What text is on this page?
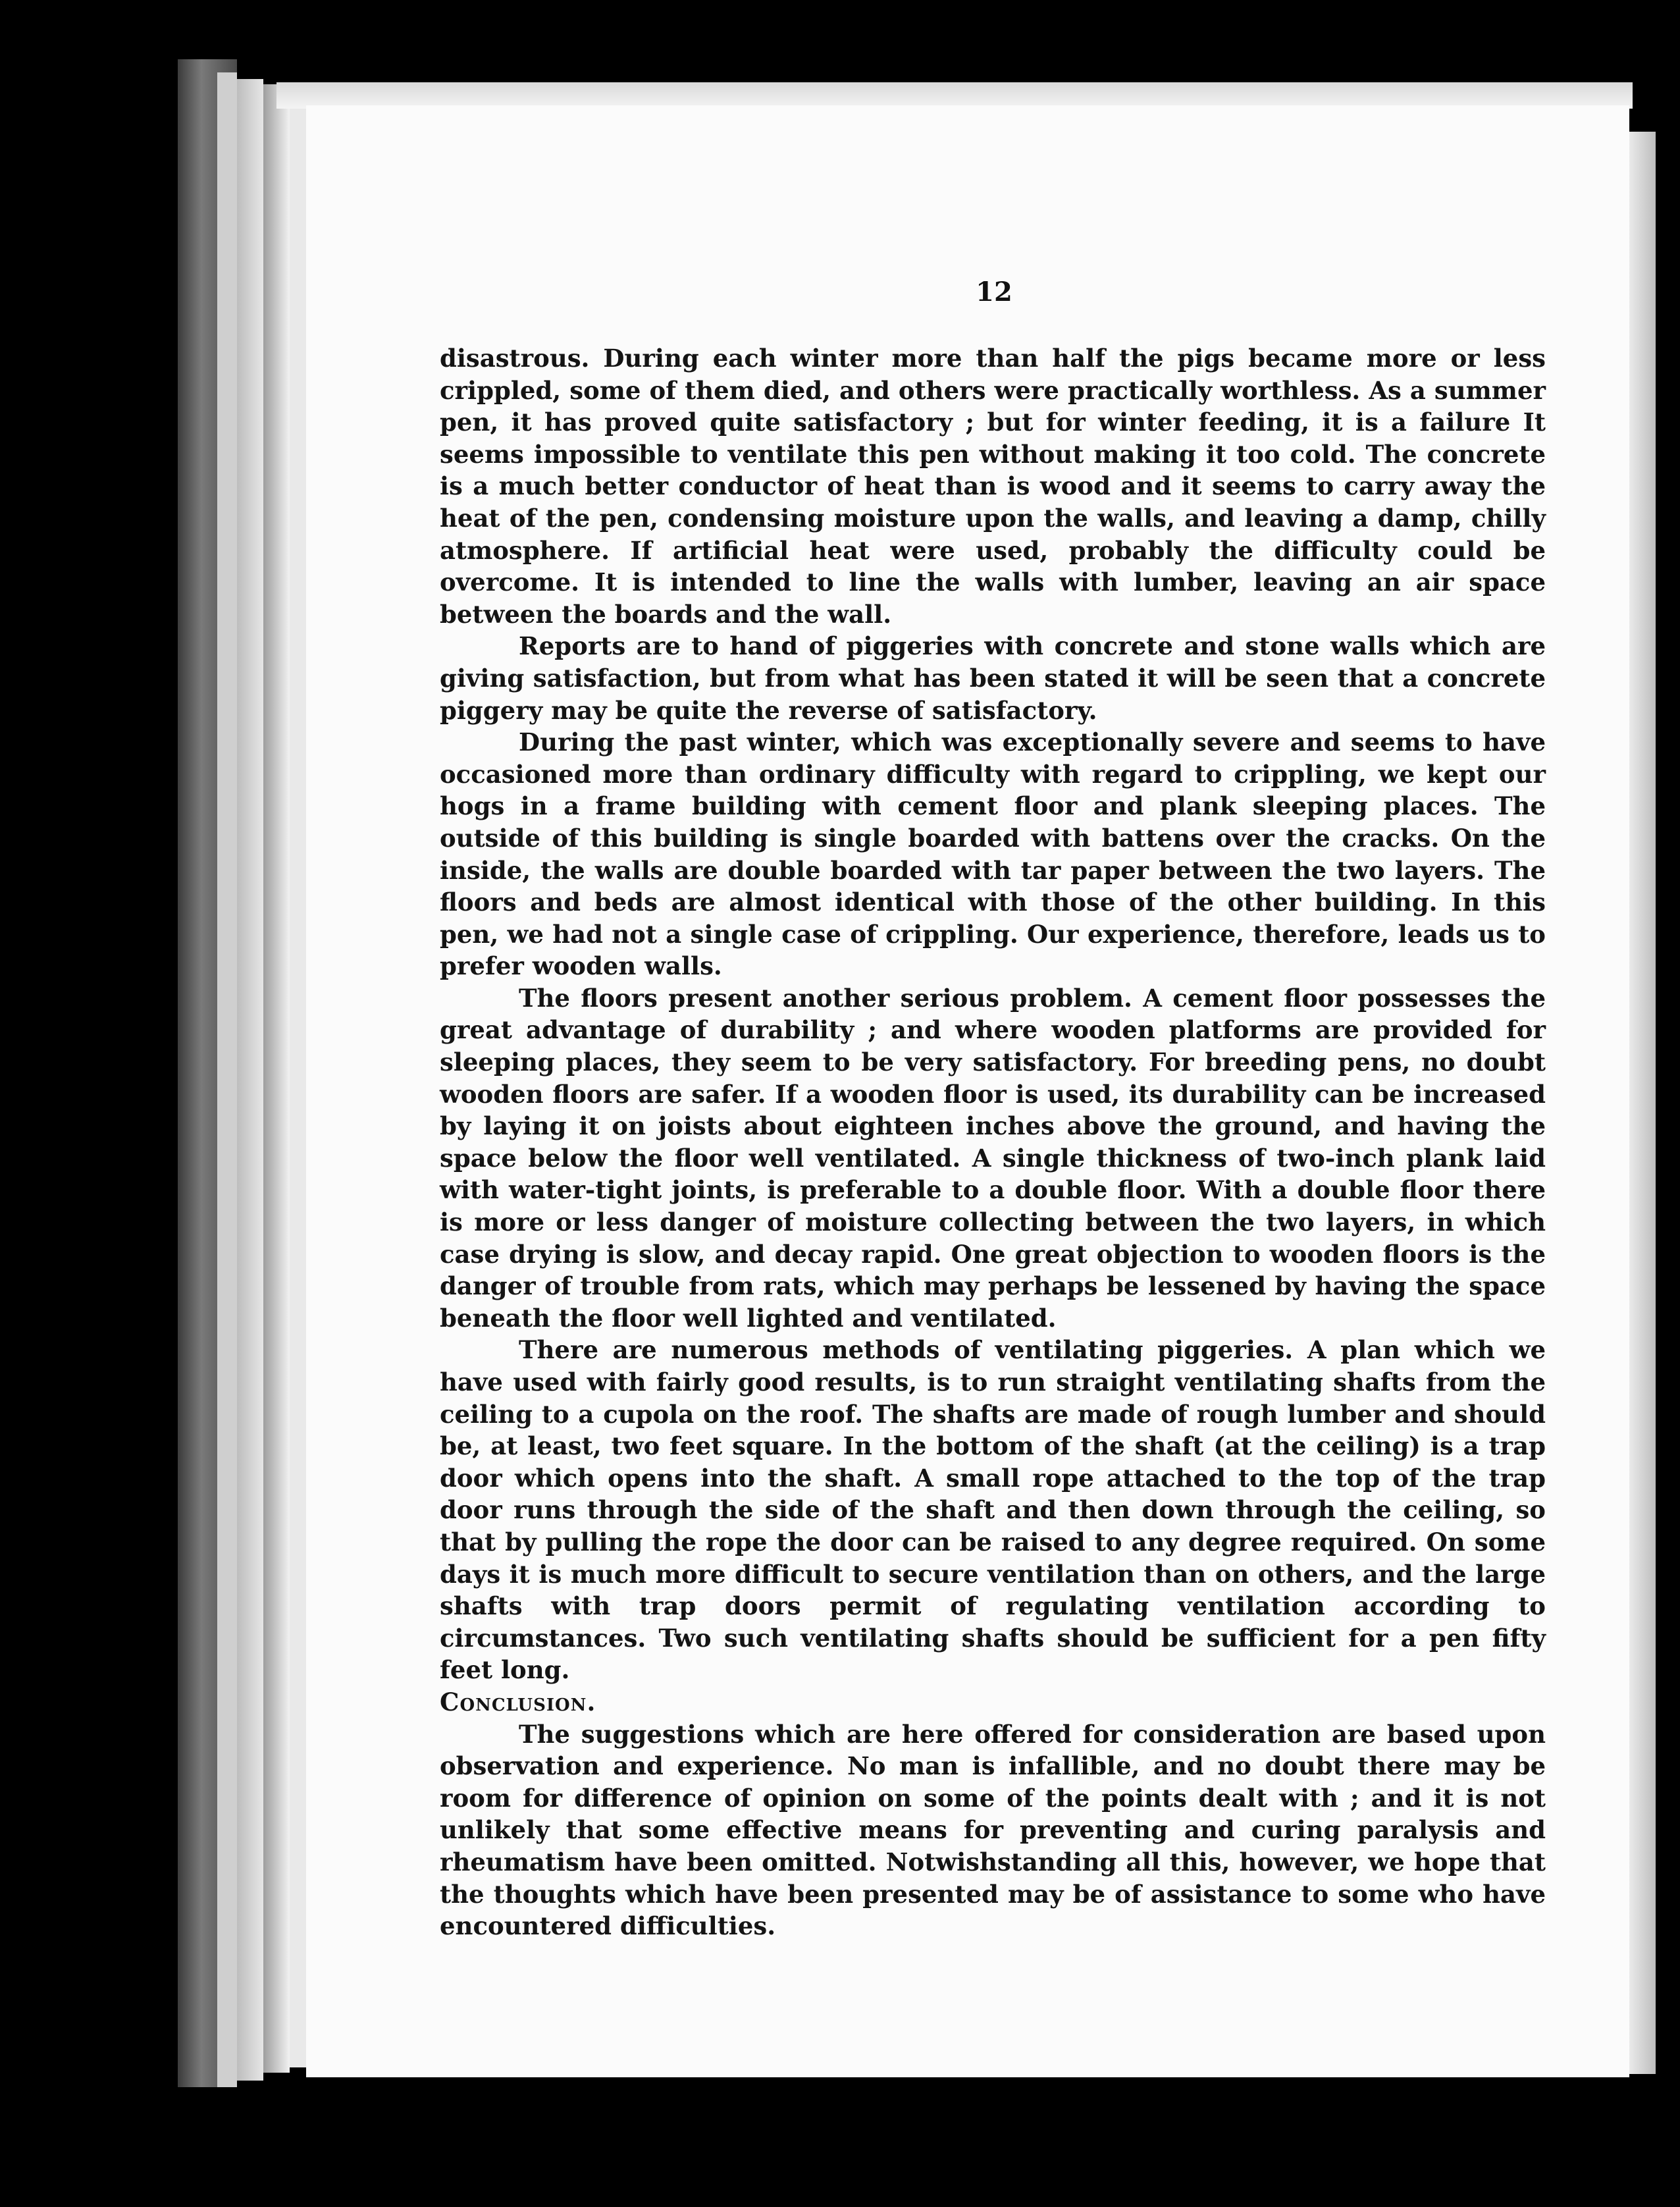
12

disastrous. During each winter more than half the pigs became more or less crippled, some of them died, and others were practically worthless. As a summer pen, it has proved quite satisfactory ; but for winter feeding, it is a failure It seems impossible to ventilate this pen without making it too cold. The concrete is a much better conductor of heat than is wood and it seems to carry away the heat of the pen, condensing moisture upon the walls, and leaving a damp, chilly atmosphere. If artificial heat were used, probably the difficulty could be overcome. It is intended to line the walls with lumber, leaving an air space between the boards and the wall.

Reports are to hand of piggeries with concrete and stone walls which are giving satisfaction, but from what has been stated it will be seen that a concrete piggery may be quite the reverse of satisfactory.

During the past winter, which was exceptionally severe and seems to have occasioned more than ordinary difficulty with regard to crippling, we kept our hogs in a frame building with cement floor and plank sleeping places. The outside of this building is single boarded with battens over the cracks. On the inside, the walls are double boarded with tar paper between the two layers. The floors and beds are almost identical with those of the other building. In this pen, we had not a single case of crippling. Our experience, therefore, leads us to prefer wooden walls.

The floors present another serious problem. A cement floor possesses the great advantage of durability ; and where wooden platforms are provided for sleeping places, they seem to be very satisfactory. For breeding pens, no doubt wooden floors are safer. If a wooden floor is used, its durability can be increased by laying it on joists about eighteen inches above the ground, and having the space below the floor well ventilated. A single thickness of two-inch plank laid with water-tight joints, is preferable to a double floor. With a double floor there is more or less danger of moisture collecting between the two layers, in which case drying is slow, and decay rapid. One great objection to wooden floors is the danger of trouble from rats, which may perhaps be lessened by having the space beneath the floor well lighted and ventilated.

There are numerous methods of ventilating piggeries. A plan which we have used with fairly good results, is to run straight ventilating shafts from the ceiling to a cupola on the roof. The shafts are made of rough lumber and should be, at least, two feet square. In the bottom of the shaft (at the ceiling) is a trap door which opens into the shaft. A small rope attached to the top of the trap door runs through the side of the shaft and then down through the ceiling, so that by pulling the rope the door can be raised to any degree required. On some days it is much more difficult to secure ventilation than on others, and the large shafts with trap doors permit of regulating ventilation according to circumstances. Two such ventilating shafts should be sufficient for a pen fifty feet long.

Conclusion.

The suggestions which are here offered for consideration are based upon observation and experience. No man is infallible, and no doubt there may be room for difference of opinion on some of the points dealt with ; and it is not unlikely that some effective means for preventing and curing paralysis and rheumatism have been omitted. Notwishstanding all this, however, we hope that the thoughts which have been presented may be of assistance to some who have encountered difficulties.
